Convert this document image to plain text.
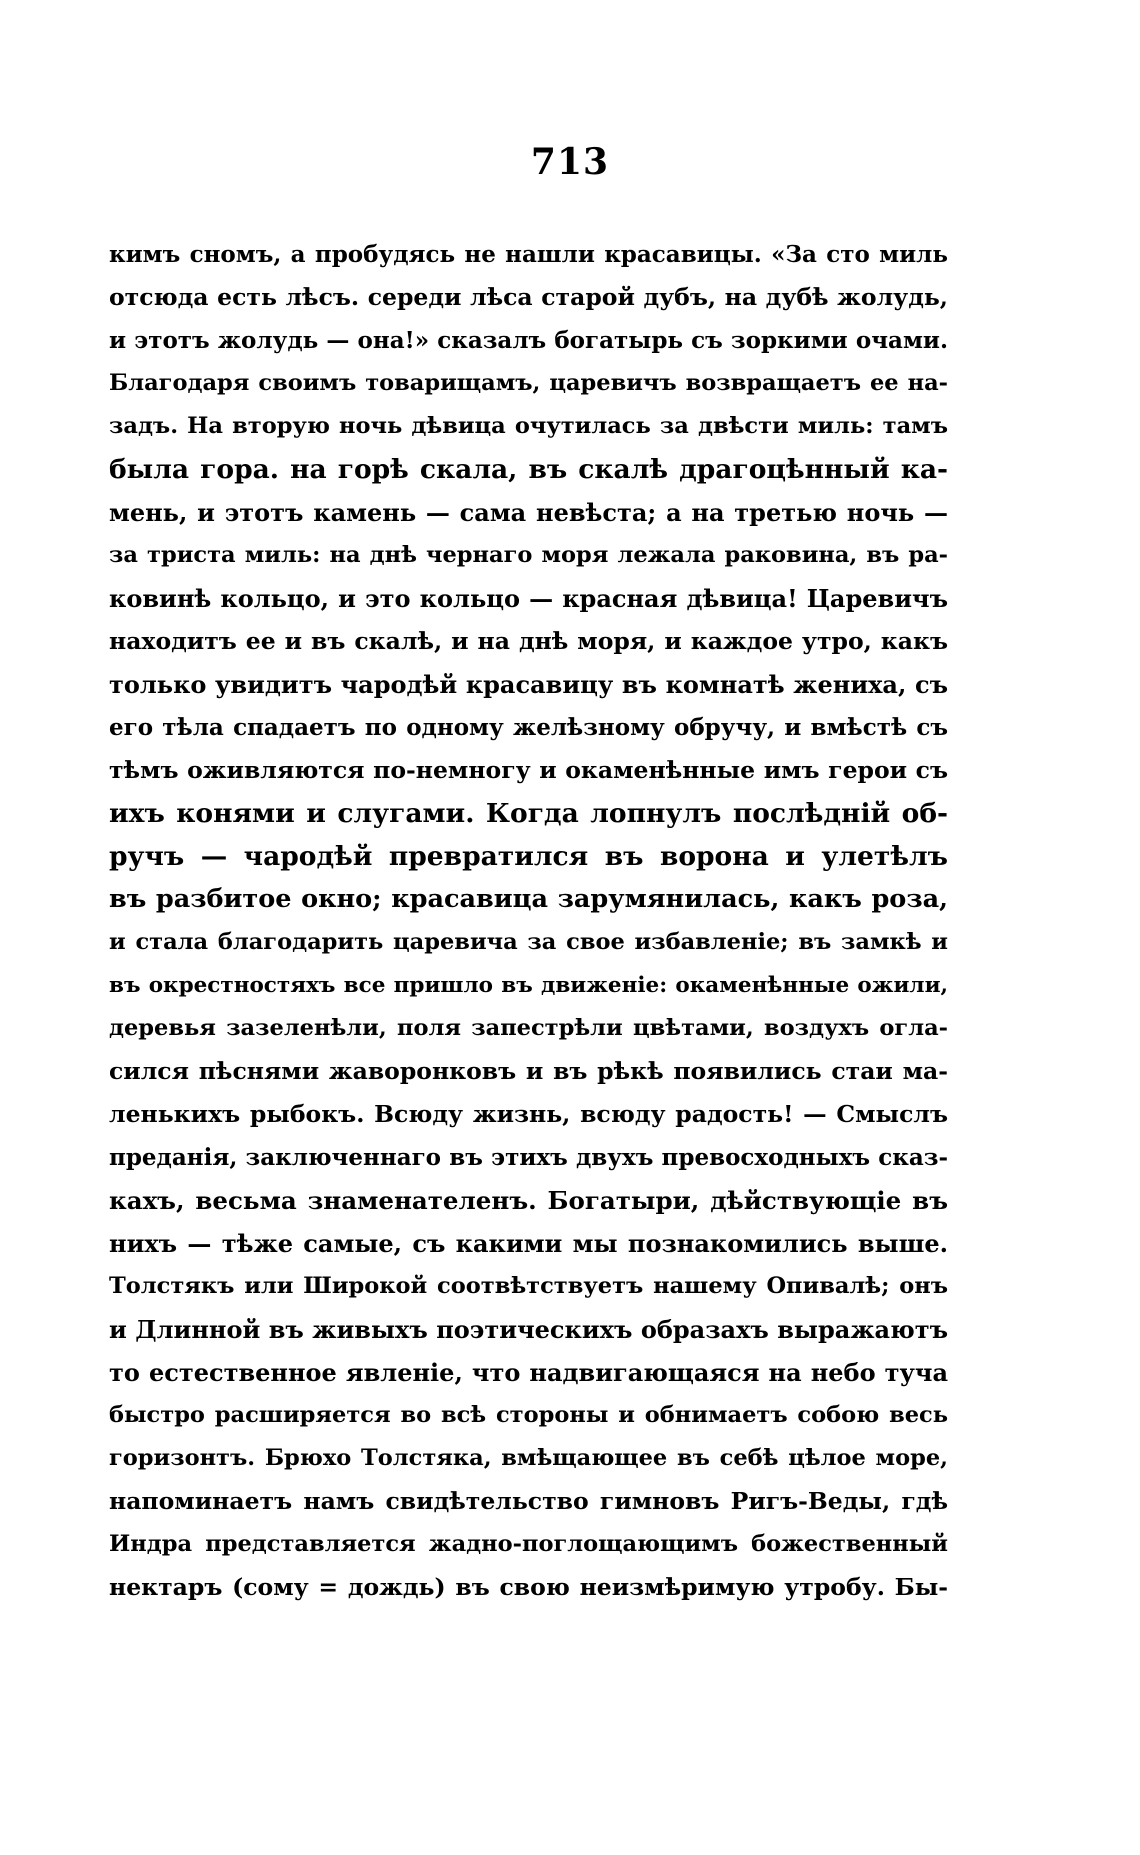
713
кимъ сномъ, а пробудясь не нашли красавицы. «За сто миль
отсюда есть лѣсъ. середи лѣса старой дубъ, на дубѣ жолудь,
и этотъ жолудь — она!» сказалъ богатырь съ зоркими очами.
Благодаря своимъ товарищамъ, царевичъ возвращаетъ ее на-
задъ. На вторую ночь дѣвица очутилась за двѣсти миль: тамъ
была гора. на горѣ скала, въ скалѣ драгоцѣнный ка-
мень, и этотъ камень — сама невѣста; а на третью ночь —
за триста миль: на днѣ чернаго моря лежала раковина, въ ра-
ковинѣ кольцо, и это кольцо — красная дѣвица! Царевичъ
находитъ ее и въ скалѣ, и на днѣ моря, и каждое утро, какъ
только увидитъ чародѣй красавицу въ комнатѣ жениха, съ
его тѣла спадаетъ по одному желѣзному обручу, и вмѣстѣ съ
тѣмъ оживляются по-немногу и окаменѣнные имъ герои съ
ихъ конями и слугами. Когда лопнулъ послѣдній об-
ручъ — чародѣй превратился въ ворона и улетѣлъ
въ разбитое окно; красавица зарумянилась, какъ роза,
и стала благодарить царевича за свое избавленіе; въ замкѣ и
въ окрестностяхъ все пришло въ движеніе: окаменѣнные ожили,
деревья зазеленѣли, поля запестрѣли цвѣтами, воздухъ огла-
сился пѣснями жаворонковъ и въ рѣкѣ появились стаи ма-
ленькихъ рыбокъ. Всюду жизнь, всюду радость! — Смыслъ
преданія, заключеннаго въ этихъ двухъ превосходныхъ сказ-
кахъ, весьма знаменателенъ. Богатыри, дѣйствующіе въ
нихъ — тѣже самые, съ какими мы познакомились выше.
Толстякъ или Широкой соотвѣтствуетъ нашему Опивалѣ; онъ
и Длинной въ живыхъ поэтическихъ образахъ выражаютъ
то естественное явленіе, что надвигающаяся на небо туча
быстро расширяется во всѣ стороны и обнимаетъ собою весь
горизонтъ. Брюхо Толстяка, вмѣщающее въ себѣ цѣлое море,
напоминаетъ намъ свидѣтельство гимновъ Ригъ-Веды, гдѣ
Индра представляется жадно-поглощающимъ божественный
нектаръ (сому = дождь) въ свою неизмѣримую утробу. Бы-
